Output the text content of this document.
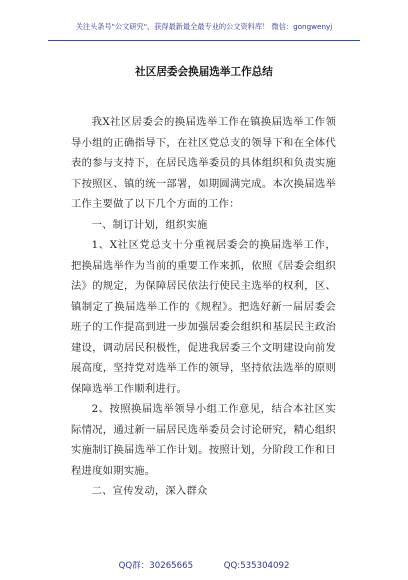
关注头条号"公文研究"，获得最新最全最专业的公文资料库！ 微信：gongwenyj
社区居委会换届选举工作总结

我X社区居委会的换届选举工作在镇换届选举工作领导小组的正确指导下，在社区党总支的领导下和在全体代表的参与支持下，在居民选举委员的具体组织和负责实施下按照区、镇的统一部署，如期圆满完成。本次换届选举工作主要做了以下几个方面的工作：

一、制订计划，组织实施

1、X社区党总支十分重视居委会的换届选举工作，把换届选举作为当前的重要工作来抓，依照《居委会组织法》的规定，为保障居民依法行使民主选举的权利，区、镇制定了换届选举工作的《规程》。把选好新一届居委会班子的工作提高到进一步加强居委会组织和基层民主政治建设，调动居民积极性，促进我居委三个文明建设向前发展高度，坚持党对选举工作的领导，坚持依法选举的原则保障选举工作顺利进行。

2、按照换届选举领导小组工作意见，结合本社区实际情况，通过新一届居民选举委员会讨论研究，精心组织实施制订换届选举工作计划。按照计划，分阶段工作和日程进度如期实施。

二、宣传发动，深入群众

QQ群：30265665	QQ:535304092
